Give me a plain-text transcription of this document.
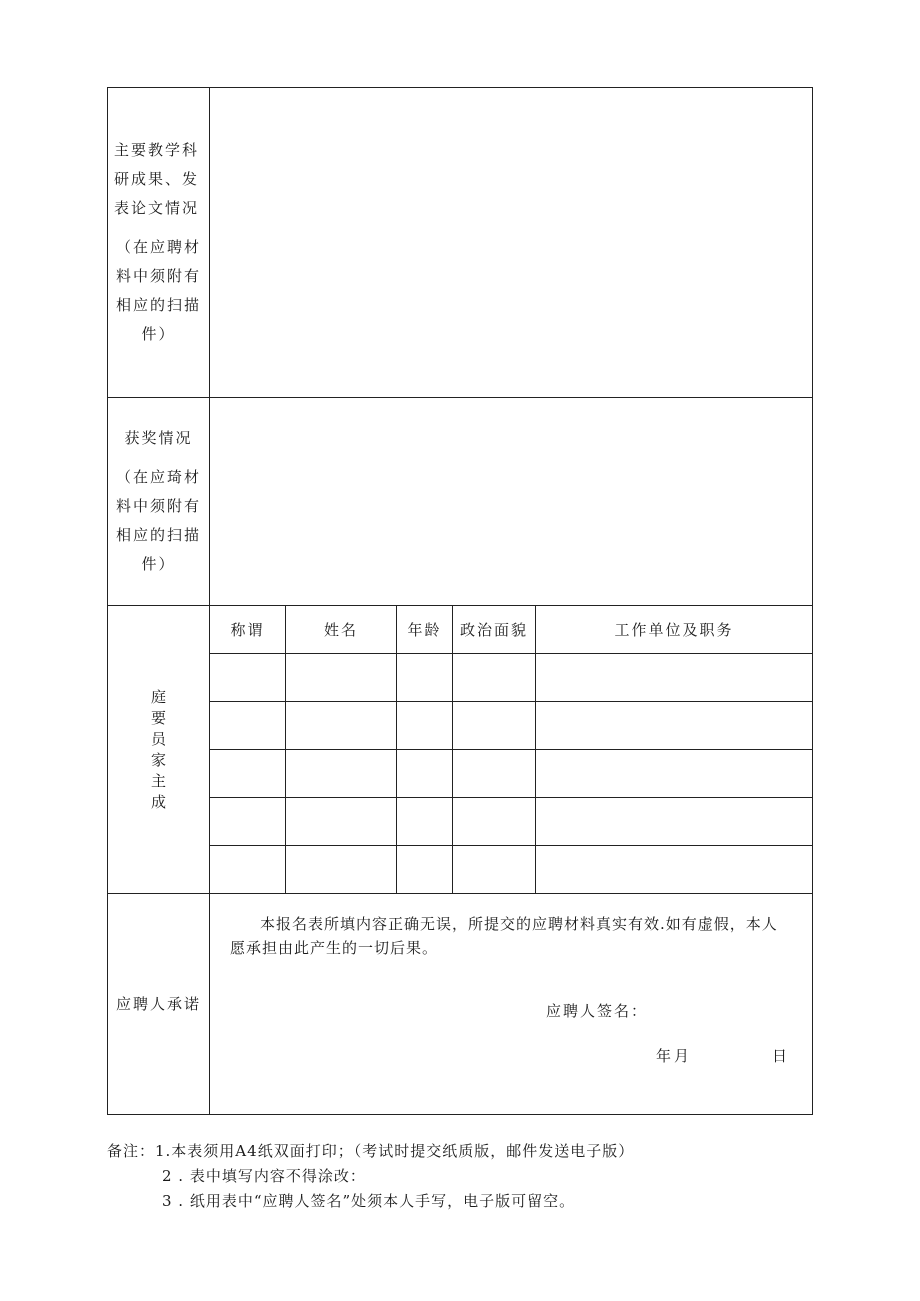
主要教学科研成果、发表论文情况
（在应聘材料中须附有相应的扫描件）

获奖情况
（在应琦材料中须附有相应的扫描件）

庭
要
员
家
主
成

称谓	姓名	年龄	政治面貌	工作单位及职务

应聘人承诺	
本报名表所填内容正确无误，所提交的应聘材料真实有效.如有虚假，本人愿承担由此产生的一切后果。
应聘人签名：
年月	日
备注：1.本表须用A4纸双面打印；（考试时提交纸质版，邮件发送电子版）
2 . 表中填写内容不得涂改：
3 . 纸用表中“应聘人签名”处须本人手写，电子版可留空。
